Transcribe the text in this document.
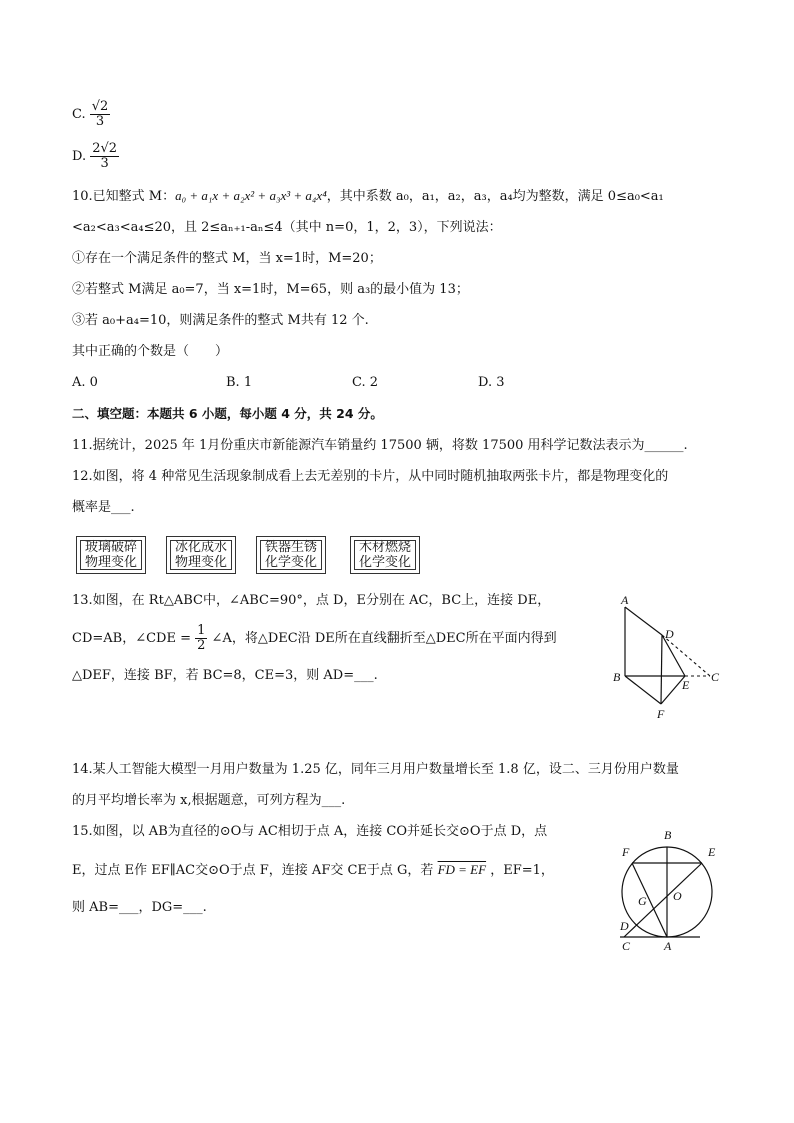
C. $\frac{√2}{3}$
D. $\frac{2√2}{3}$
10.已知整式 M：a₀ + a₁x + a₂x² + a₃x³ + a₄x⁴，其中系数 a₀，a₁，a₂，a₃，a₄均为整数，满足 0≤a₀<a₁
<a₂<a₃<a₄≤20，且 2≤aₙ₊₁-aₙ≤4（其中 n=0，1，2，3），下列说法：
①存在一个满足条件的整式 M，当 x=1时，M=20；
②若整式 M满足 a₀=7，当 x=1时，M=65，则 a₃的最小值为 13；
③若 a₀+a₄=10，则满足条件的整式 M共有 12 个.
其中正确的个数是（　　）
A. 0	B. 1	C. 2	D. 3
二、填空题：本题共 6 小题，每小题 4 分，共 24 分。
11.据统计，2025 年 1月份重庆市新能源汽车销量约 17500 辆，将数 17500 用科学记数法表示为______.
12.如图，将 4 种常见生活现象制成看上去无差别的卡片，从中同时随机抽取两张卡片，都是物理变化的
概率是___.
玻璃破碎
物理变化
冰化成水
物理变化
铁器生锈
化学变化
木材燃烧
化学变化
13.如图，在 Rt△ABC中，∠ABC=90°，点 D，E分别在 AC，BC上，连接 DE，
CD=AB，∠CDE = $\frac{1}{2}$ ∠A，将△DEC沿 DE所在直线翻折至△DEC所在平面内得到
△DEF，连接 BF，若 BC=8，CE=3，则 AD=___.
A
B	C
D
E
F
14.某人工智能大模型一月用户数量为 1.25 亿，同年三月用户数量增长至 1.8 亿，设二、三月份用户数量
的月平均增长率为 x,根据题意，可列方程为___.
15.如图，以 AB为直径的⊙O与 AC相切于点 A，连接 CO并延长交⊙O于点 D，点
E，过点 E作 EF∥AC交⊙O于点 F，连接 AF交 CE于点 G，若 FD = EF ，EF=1，
则 AB=___，DG=___.
B
F	E
O
G
D
C	A
